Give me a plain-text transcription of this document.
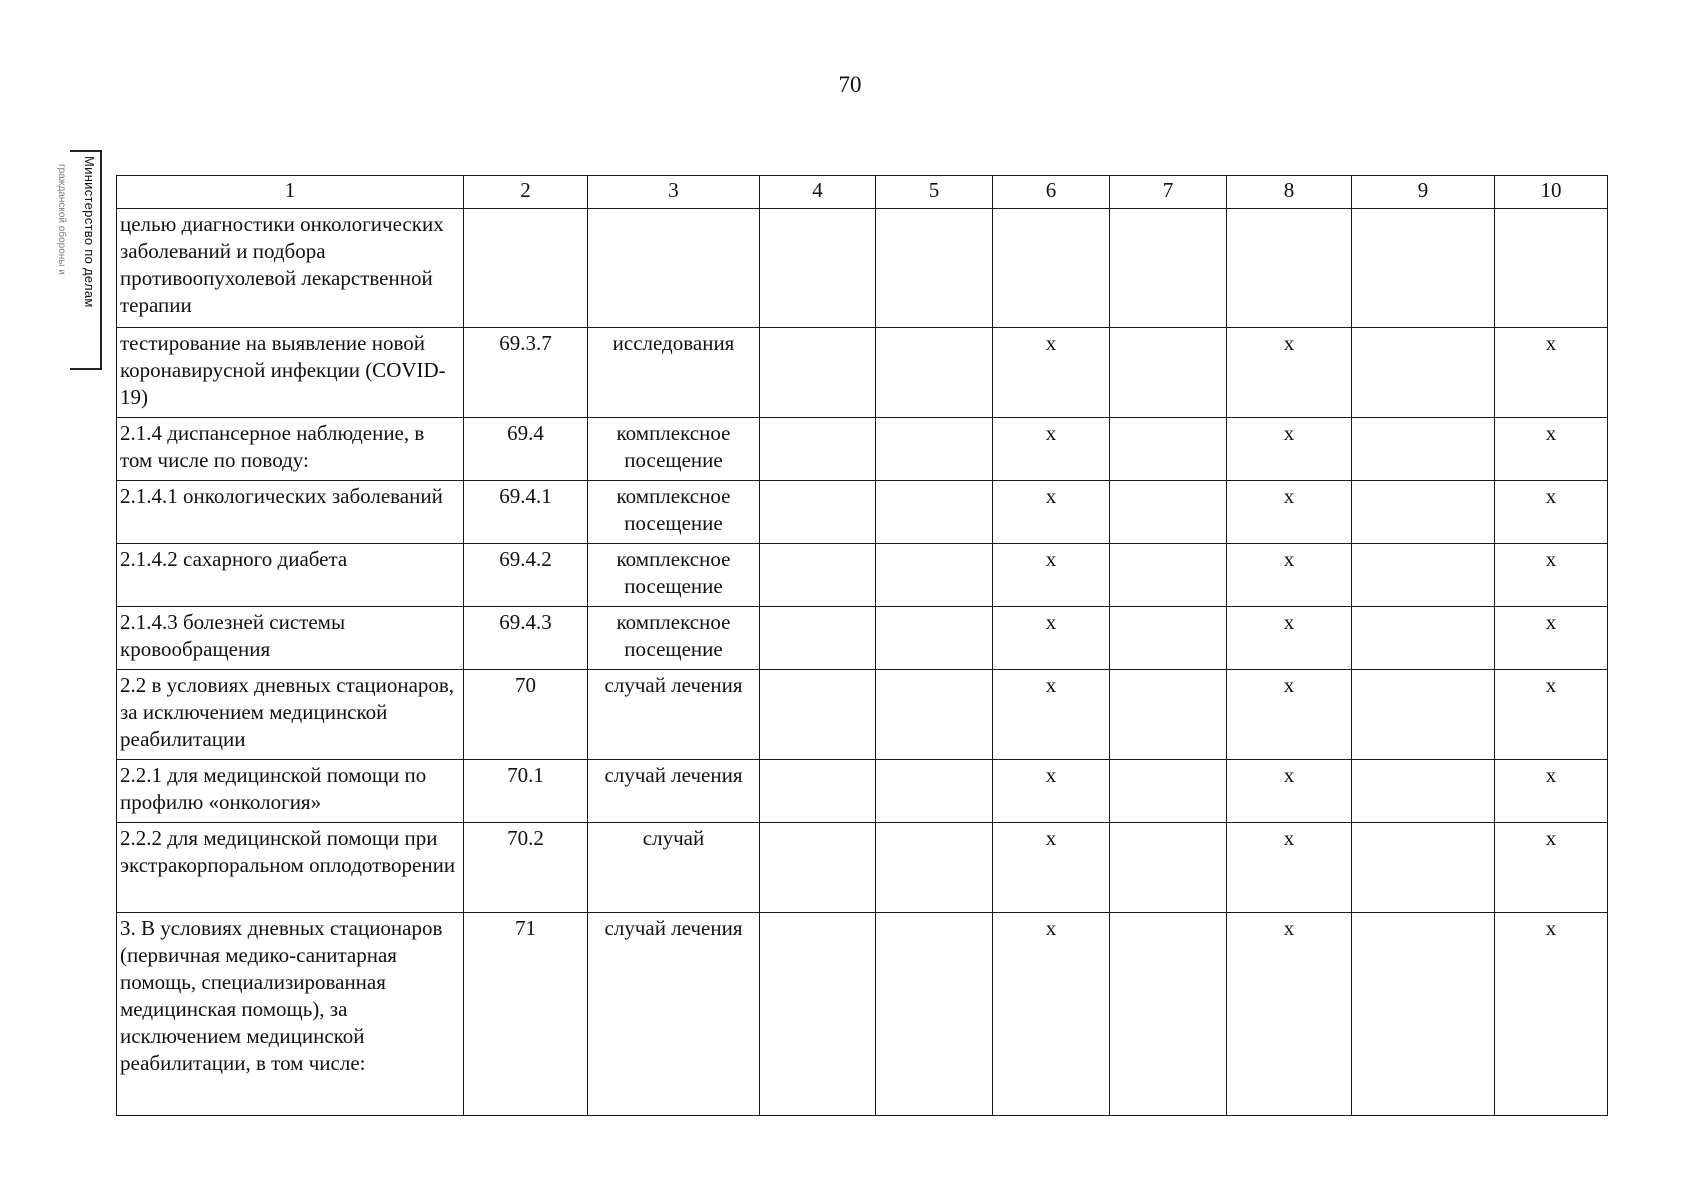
70
Министерство по делам
гражданской обороны и	1	2	3	4	5	6	7	8	9	10
целью диагностики онкологических заболеваний и подбора противоопухолевой лекарственной терапии									
тестирование на выявление новой коронавирусной инфекции (COVID-19)	69.3.7	исследования			x		x		x
2.1.4 диспансерное наблюдение, в том числе по поводу:	69.4	комплексное посещение			x		x		x
2.1.4.1 онкологических заболеваний	69.4.1	комплексное посещение			x		x		x
2.1.4.2 сахарного диабета	69.4.2	комплексное посещение			x		x		x
2.1.4.3 болезней системы кровообращения	69.4.3	комплексное посещение			x		x		x
2.2 в условиях дневных стационаров, за исключением медицинской реабилитации	70	случай лечения			x		x		x
2.2.1 для медицинской помощи по профилю «онкология»	70.1	случай лечения			x		x		x
2.2.2 для медицинской помощи при экстракорпоральном оплодотворении	70.2	случай			x		x		x
3. В условиях дневных стационаров (первичная медико-санитарная помощь, специализированная медицинская помощь), за исключением медицинской реабилитации, в том числе:	71	случай лечения			x		x		x
